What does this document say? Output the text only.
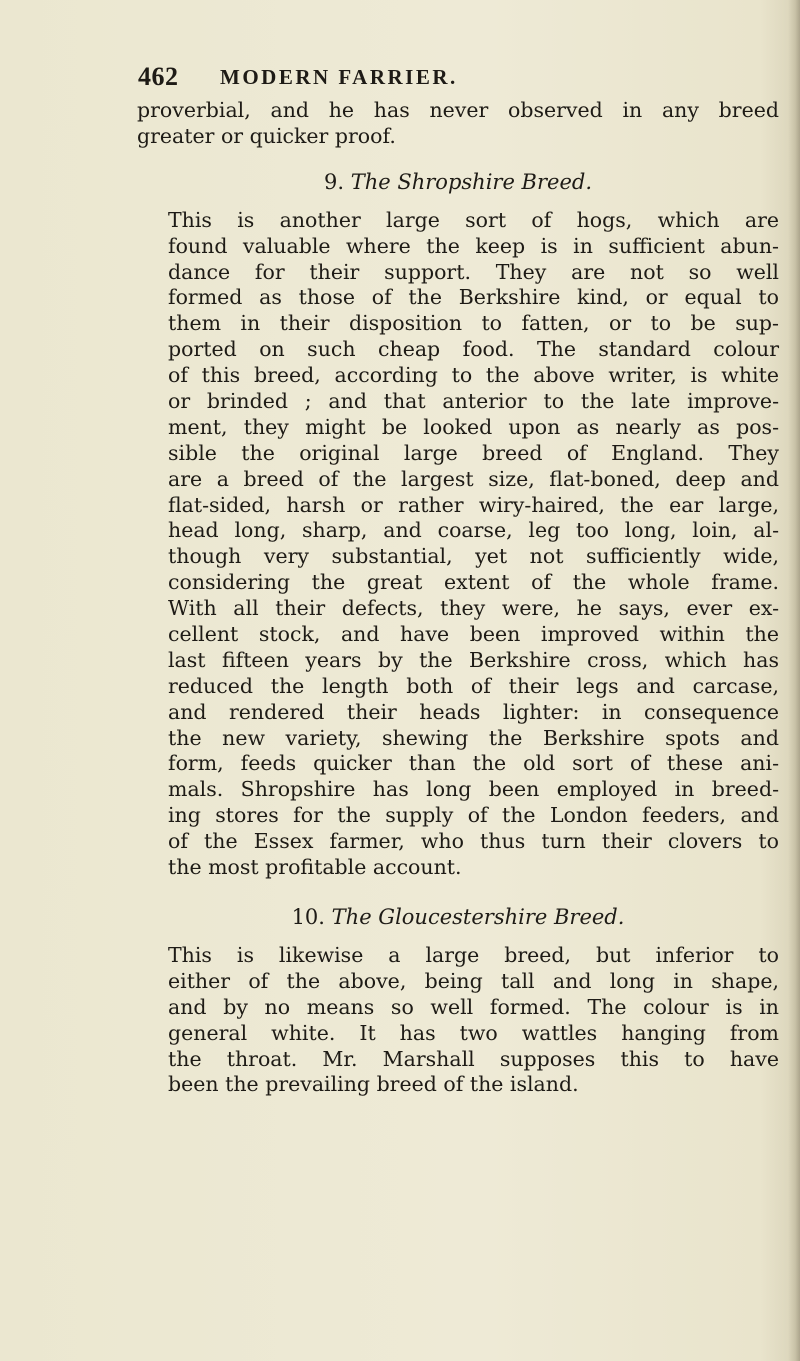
462 MODERN FARRIER.

proverbial, and he has never observed in any breed
greater or quicker proof.

9. The Shropshire Breed.

This is another large sort of hogs, which are
found valuable where the keep is in sufficient abun-
dance for their support. They are not so well
formed as those of the Berkshire kind, or equal to
them in their disposition to fatten, or to be sup-
ported on such cheap food. The standard colour
of this breed, according to the above writer, is white
or brinded ; and that anterior to the late improve-
ment, they might be looked upon as nearly as pos-
sible the original large breed of England. They
are a breed of the largest size, flat-boned, deep and
flat-sided, harsh or rather wiry-haired, the ear large,
head long, sharp, and coarse, leg too long, loin, al-
though very substantial, yet not sufficiently wide,
considering the great extent of the whole frame.
With all their defects, they were, he says, ever ex-
cellent stock, and have been improved within the
last fifteen years by the Berkshire cross, which has
reduced the length both of their legs and carcase,
and rendered their heads lighter: in consequence
the new variety, shewing the Berkshire spots and
form, feeds quicker than the old sort of these ani-
mals. Shropshire has long been employed in breed-
ing stores for the supply of the London feeders, and
of the Essex farmer, who thus turn their clovers to
the most profitable account.

10. The Gloucestershire Breed.

This is likewise a large breed, but inferior to
either of the above, being tall and long in shape,
and by no means so well formed. The colour is in
general white. It has two wattles hanging from
the throat. Mr. Marshall supposes this to have
been the prevailing breed of the island.
